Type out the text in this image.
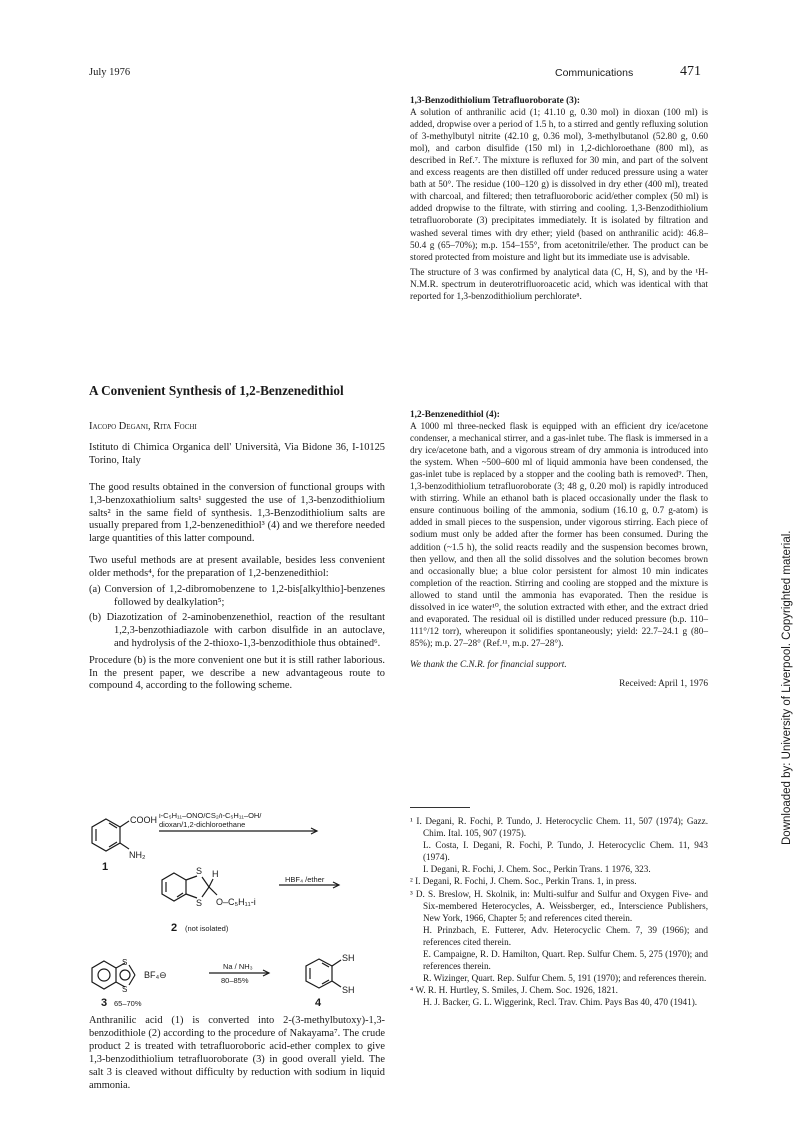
July 1976	Communications	471

1,3-Benzodithiolium Tetrafluoroborate (3):

A solution of anthranilic acid (1; 41.10 g, 0.30 mol) in dioxan (100 ml) is added, dropwise over a period of 1.5 h, to a stirred and gently refluxing solution of 3-methylbutyl nitrite (42.10 g, 0.36 mol), 3-methylbutanol (52.80 g, 0.60 mol), and carbon disulfide (150 ml) in 1,2-dichloroethane (800 ml), as described in Ref.⁷. The mixture is refluxed for 30 min, and part of the solvent and excess reagents are then distilled off under reduced pressure using a water bath at 50°. The residue (100–120 g) is dissolved in dry ether (400 ml), treated with charcoal, and filtered; then tetrafluoroboric acid/ether complex (50 ml) is added dropwise to the filtrate, with stirring and cooling. 1,3-Benzodithiolium tetrafluoroborate (3) precipitates immediately. It is isolated by filtration and washed several times with dry ether; yield (based on anthranilic acid): 46.8–50.4 g (65–70%); m.p. 154–155°, from acetonitrile/ether. The product can be stored protected from moisture and light but its immediate use is advisable.

The structure of 3 was confirmed by analytical data (C, H, S), and by the ¹H-N.M.R. spectrum in deuterotrifluoroacetic acid, which was identical with that reported for 1,3-benzodithiolium perchlorate⁸.

A Convenient Synthesis of 1,2-Benzenedithiol

Iacopo Degani, Rita Fochi

Istituto di Chimica Organica dell' Università, Via Bidone 36, I-10125 Torino, Italy

The good results obtained in the conversion of functional groups with 1,3-benzoxathiolium salts¹ suggested the use of 1,3-benzodithiolium salts² in the same field of synthesis. 1,3-Benzodithiolium salts are usually prepared from 1,2-benzenedithiol³ (4) and we therefore needed large quantities of this latter compound.

Two useful methods are at present available, besides less convenient older methods⁴, for the preparation of 1,2-benzenedithiol:

(a) Conversion of 1,2-dibromobenzene to 1,2-bis[alkylthio]-benzenes followed by dealkylation⁵;

(b) Diazotization of 2-aminobenzenethiol, reaction of the resultant 1,2,3-benzothiadiazole with carbon disulfide in an autoclave, and hydrolysis of the 2-thioxo-1,3-benzodithiole thus obtained⁶.

Procedure (b) is the more convenient one but it is still rather laborious. In the present paper, we describe a new advantageous route to compound 4, according to the following scheme.

COOH
NH₂
1
i-C₅H₁₁–ONO/CS₂/i-C₅H₁₁–OH/
dioxan/1,2-dichloroethane
S
S
H
O–C₅H₁₁-i
HBF₄ /ether
2 (not isolated)
S
S
BF₄⊖
Na / NH₃
80–85%
3 65–70%
SH
SH
4

Anthranilic acid (1) is converted into 2-(3-methylbutoxy)-1,3-benzodithiole (2) according to the procedure of Nakayama⁷. The crude product 2 is treated with tetrafluoroboric acid-ether complex to give 1,3-benzodithiolium tetrafluoroborate (3) in good overall yield. The salt 3 is cleaved without difficulty by reduction with sodium in liquid ammonia.

1,2-Benzenedithiol (4):

A 1000 ml three-necked flask is equipped with an efficient dry ice/acetone condenser, a mechanical stirrer, and a gas-inlet tube. The flask is immersed in a dry ice/acetone bath, and a vigorous stream of dry ammonia is introduced into the system. When ~500–600 ml of liquid ammonia have been condensed, the gas-inlet tube is replaced by a stopper and the cooling bath is removed⁹. Then, 1,3-benzodithiolium tetrafluoroborate (3; 48 g, 0.20 mol) is rapidly introduced with stirring. While an ethanol bath is placed occasionally under the flask to ensure continuous boiling of the ammonia, sodium (16.10 g, 0.7 g-atom) is added in small pieces to the suspension, under vigorous stirring. Each piece of sodium must only be added after the former has been consumed. During the addition (~1.5 h), the solid reacts readily and the suspension becomes brown, then yellow, and then all the solid dissolves and the solution becomes brown and occasionally blue; a blue color persistent for almost 10 min indicates completion of the reaction. Stirring and cooling are stopped and the mixture is allowed to stand until the ammonia has evaporated. Then the residue is dissolved in ice water¹⁰, the solution extracted with ether, and the extract dried and evaporated. The residual oil is distilled under reduced pressure (b.p. 110–111°/12 torr), whereupon it solidifies spontaneously; yield: 22.7–24.1 g (80–85%); m.p. 27–28° (Ref.¹¹, m.p. 27–28°).

We thank the C.N.R. for financial support.

Received: April 1, 1976

¹ I. Degani, R. Fochi, P. Tundo, J. Heterocyclic Chem. 11, 507 (1974); Gazz. Chim. Ital. 105, 907 (1975).
L. Costa, I. Degani, R. Fochi, P. Tundo, J. Heterocyclic Chem. 11, 943 (1974).
I. Degani, R. Fochi, J. Chem. Soc., Perkin Trans. 1 1976, 323.
² I. Degani, R. Fochi, J. Chem. Soc., Perkin Trans. 1, in press.
³ D. S. Breslow, H. Skolnik, in: Multi-sulfur and Sulfur and Oxygen Five- and Six-membered Heterocycles, A. Weissberger, ed., Interscience Publishers, New York, 1966, Chapter 5; and references cited therein.
H. Prinzbach, E. Futterer, Adv. Heterocyclic Chem. 7, 39 (1966); and references cited therein.
E. Campaigne, R. D. Hamilton, Quart. Rep. Sulfur Chem. 5, 275 (1970); and references therein.
R. Wizinger, Quart. Rep. Sulfur Chem. 5, 191 (1970); and references therein.
⁴ W. R. H. Hurtley, S. Smiles, J. Chem. Soc. 1926, 1821.
H. J. Backer, G. L. Wiggerink, Recl. Trav. Chim. Pays Bas 40, 470 (1941).
Downloaded by: University of Liverpool. Copyrighted material.
